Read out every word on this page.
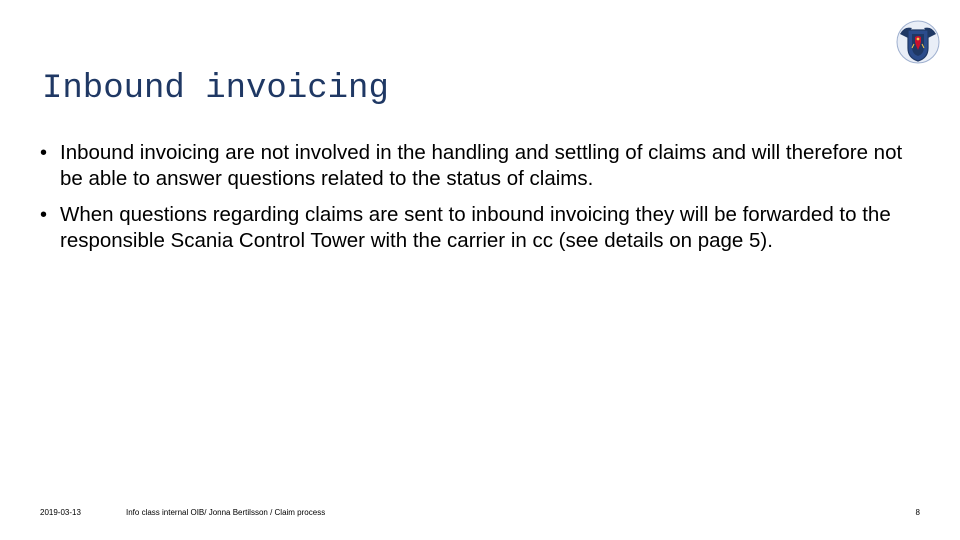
Inbound invoicing
• Inbound invoicing are not involved in the handling and settling of claims and will therefore not be able to answer questions related to the status of claims.
• When questions regarding claims are sent to inbound invoicing they will be forwarded to the responsible Scania Control Tower with the carrier in cc (see details on page 5).
2019-03-13	Info class internal OIB/ Jonna Bertilsson / Claim process	8
